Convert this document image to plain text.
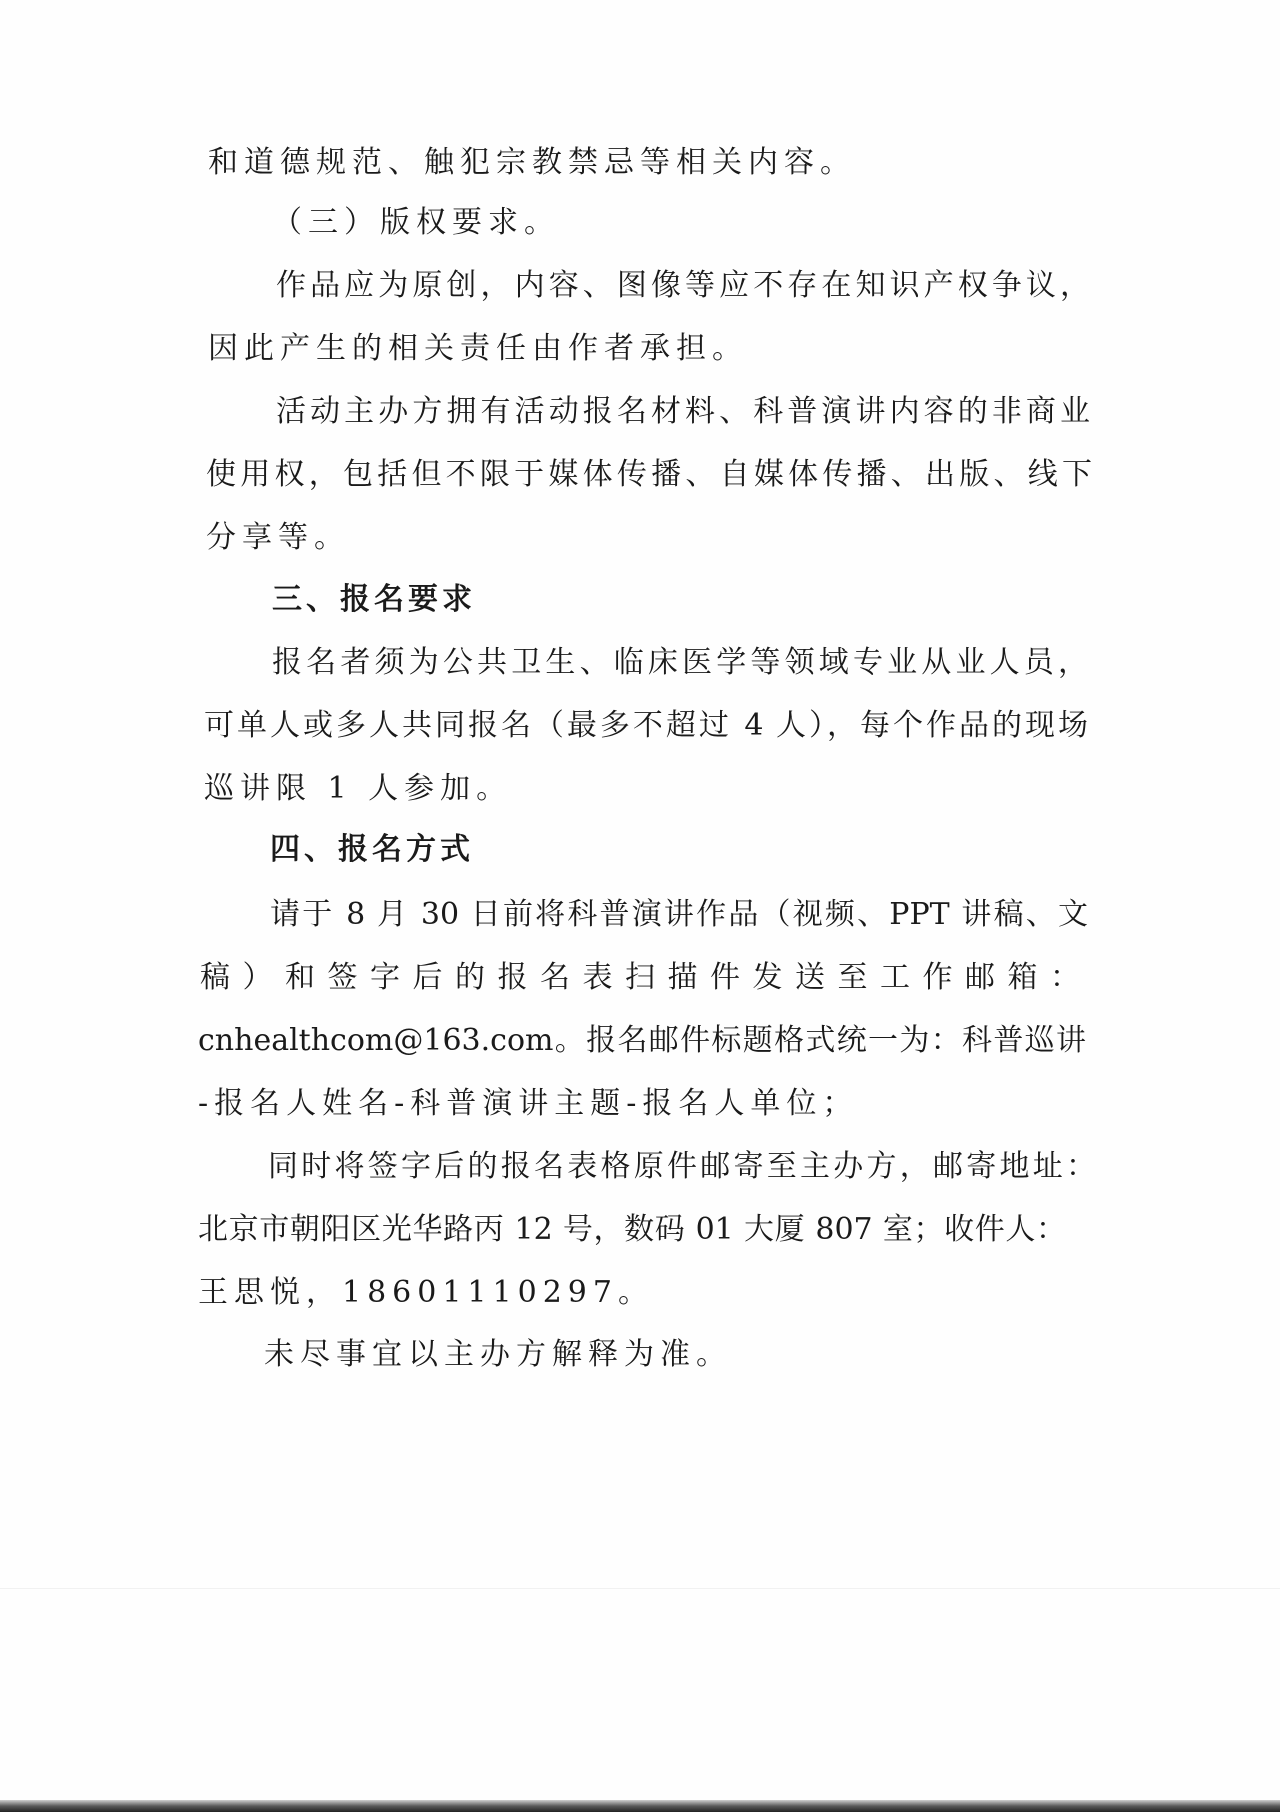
和道德规范、触犯宗教禁忌等相关内容。
（三）版权要求。
作品应为原创，内容、图像等应不存在知识产权争议，
因此产生的相关责任由作者承担。
活动主办方拥有活动报名材料、科普演讲内容的非商业
使用权，包括但不限于媒体传播、自媒体传播、出版、线下
分享等。
三、报名要求
报名者须为公共卫生、临床医学等领域专业从业人员，
可单人或多人共同报名（最多不超过 4 人），每个作品的现场
巡讲限 1 人参加。
四、报名方式
请于 8 月 30 日前将科普演讲作品（视频、PPT 讲稿、文
稿）和签字后的报名表扫描件发送至工作邮箱：
cnhealthcom@163.com。报名邮件标题格式统一为：科普巡讲
-报名人姓名-科普演讲主题-报名人单位；
同时将签字后的报名表格原件邮寄至主办方，邮寄地址：
北京市朝阳区光华路丙 12 号，数码 01 大厦 807 室；收件人：
王思悦，18601110297。
未尽事宜以主办方解释为准。
